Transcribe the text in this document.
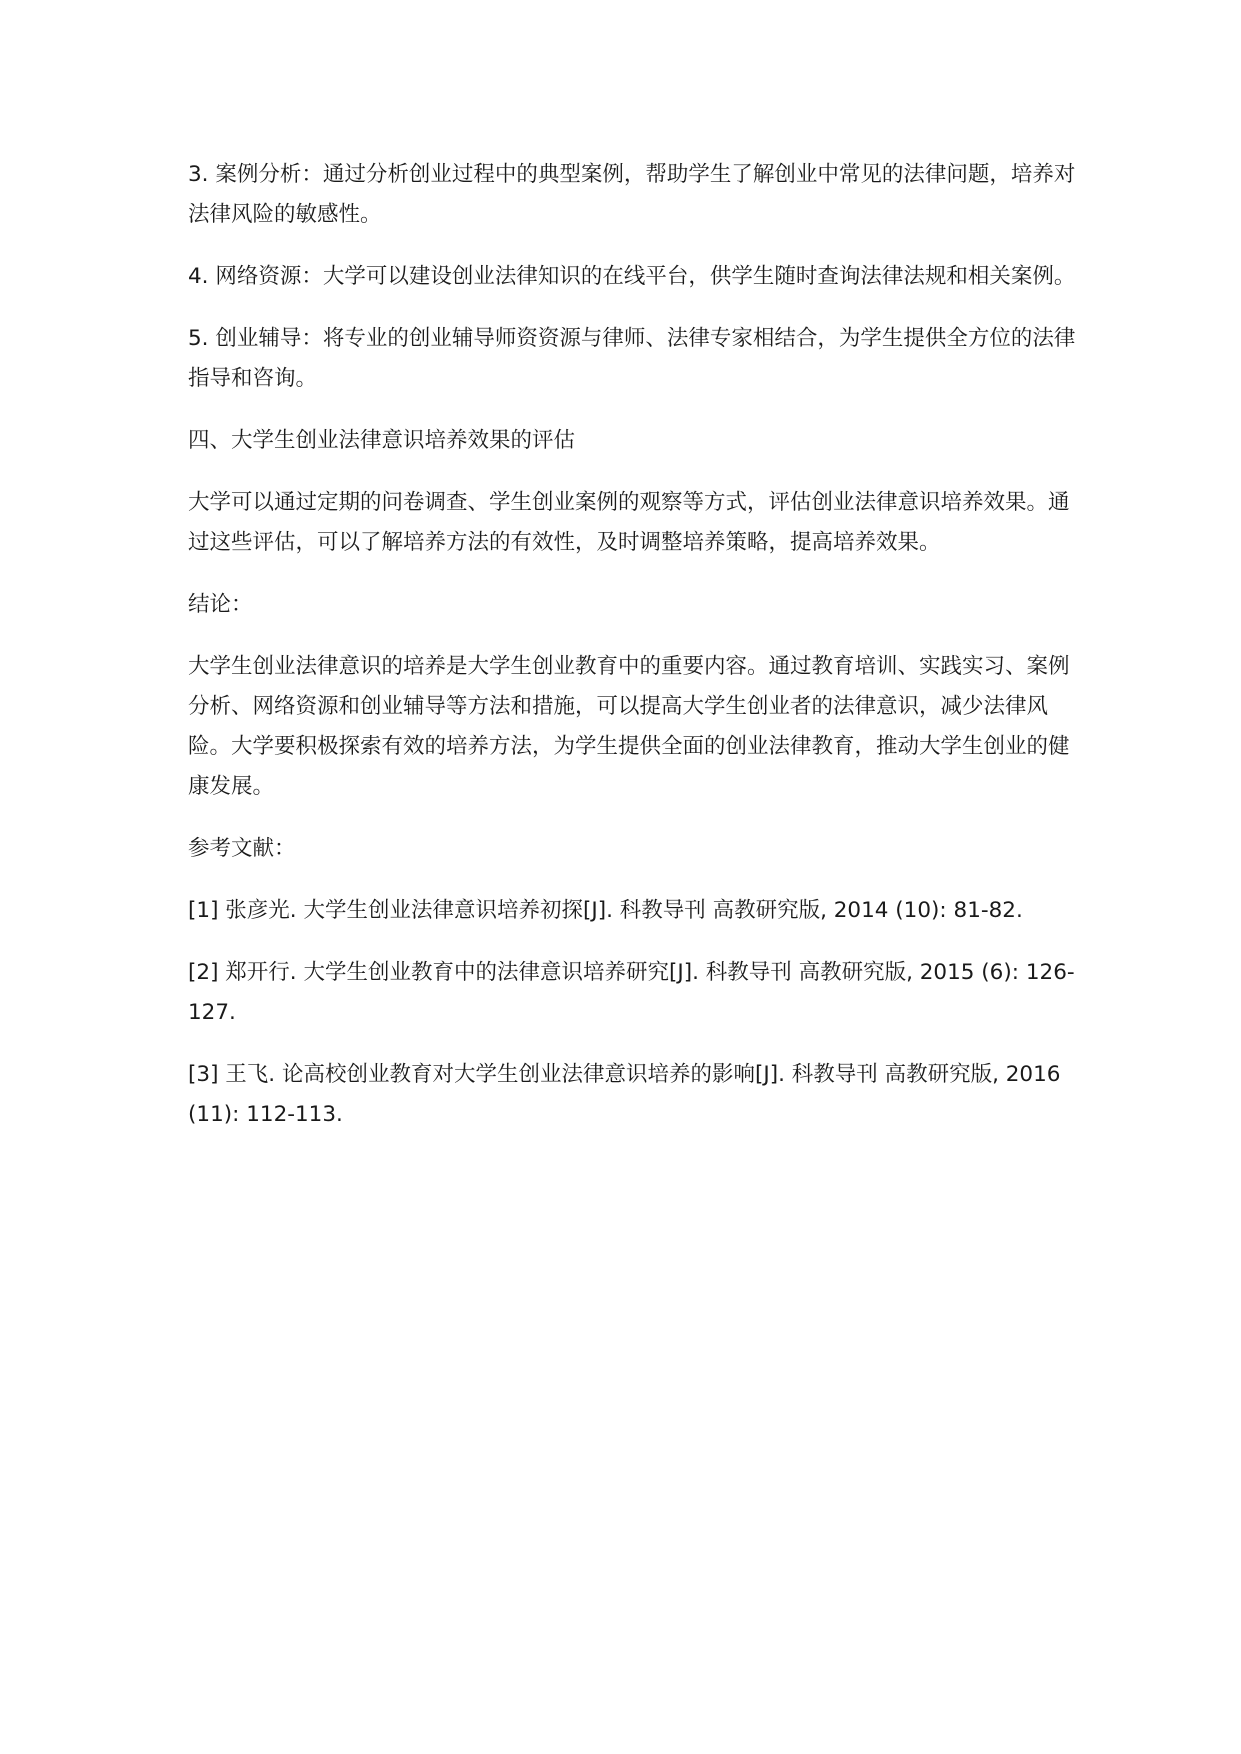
3. 案例分析：通过分析创业过程中的典型案例，帮助学生了解创业中常见的法律问题，培养对法律风险的敏感性。

4. 网络资源：大学可以建设创业法律知识的在线平台，供学生随时查询法律法规和相关案例。

5. 创业辅导：将专业的创业辅导师资资源与律师、法律专家相结合，为学生提供全方位的法律指导和咨询。

四、大学生创业法律意识培养效果的评估

大学可以通过定期的问卷调查、学生创业案例的观察等方式，评估创业法律意识培养效果。通过这些评估，可以了解培养方法的有效性，及时调整培养策略，提高培养效果。

结论：

大学生创业法律意识的培养是大学生创业教育中的重要内容。通过教育培训、实践实习、案例分析、网络资源和创业辅导等方法和措施，可以提高大学生创业者的法律意识，减少法律风险。大学要积极探索有效的培养方法，为学生提供全面的创业法律教育，推动大学生创业的健康发展。

参考文献：

[1] 张彦光. 大学生创业法律意识培养初探[J]. 科教导刊 高教研究版, 2014 (10): 81-82.

[2] 郑开行. 大学生创业教育中的法律意识培养研究[J]. 科教导刊 高教研究版, 2015 (6): 126-127.

[3] 王飞. 论高校创业教育对大学生创业法律意识培养的影响[J]. 科教导刊 高教研究版, 2016 (11): 112-113.
